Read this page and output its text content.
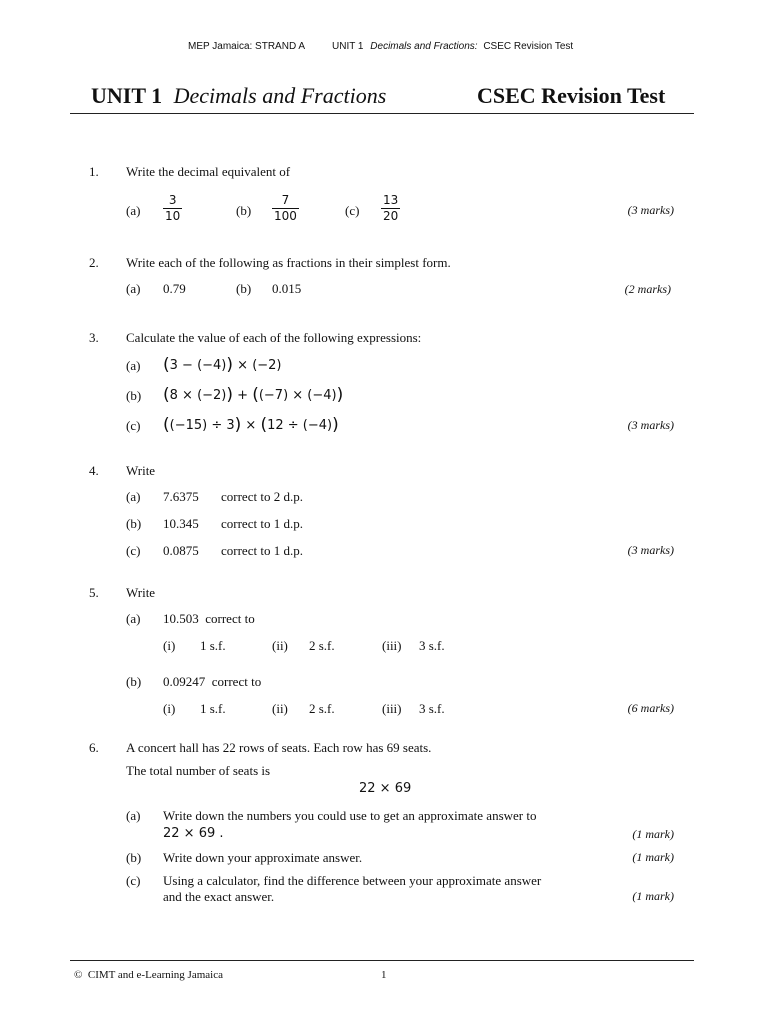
MEP Jamaica: STRAND A	UNIT 1 Decimals and Fractions: CSEC Revision Test
UNIT 1 Decimals and Fractions	CSEC Revision Test
1. Write the decimal equivalent of
$(a) \frac{3}{10}$	$(b) \frac{7}{100}$	$(c) \frac{13}{20}$	(3 marks)
2. Write each of the following as fractions in their simplest form.
(a) 0.79	(b) 0.015	(2 marks)
3. Calculate the value of each of the following expressions:
(a) (3 − (−4)) × (−2)
(b) (8 × (−2)) + ((−7) × (−4))
(c) ((−15) ÷ 3) × (12 ÷ (−4))	(3 marks)
4. Write
(a) 7.6375 correct to 2 d.p.
(b) 10.345 correct to 1 d.p.
(c) 0.0875 correct to 1 d.p.	(3 marks)
5. Write
(a) 10.503  correct to
(i) 1 s.f.	(ii) 2 s.f.	(iii) 3 s.f.
(b) 0.09247  correct to
(i) 1 s.f.	(ii) 2 s.f.	(iii) 3 s.f.	(6 marks)
6. A concert hall has 22 rows of seats. Each row has 69 seats.
The total number of seats is
22 × 69
(a) Write down the numbers you could use to get an approximate answer to
22 × 69 .	(1 mark)
(b) Write down your approximate answer.	(1 mark)
(c) Using a calculator, find the difference between your approximate answer
and the exact answer.	(1 mark)
©  CIMT and e-Learning Jamaica	1
